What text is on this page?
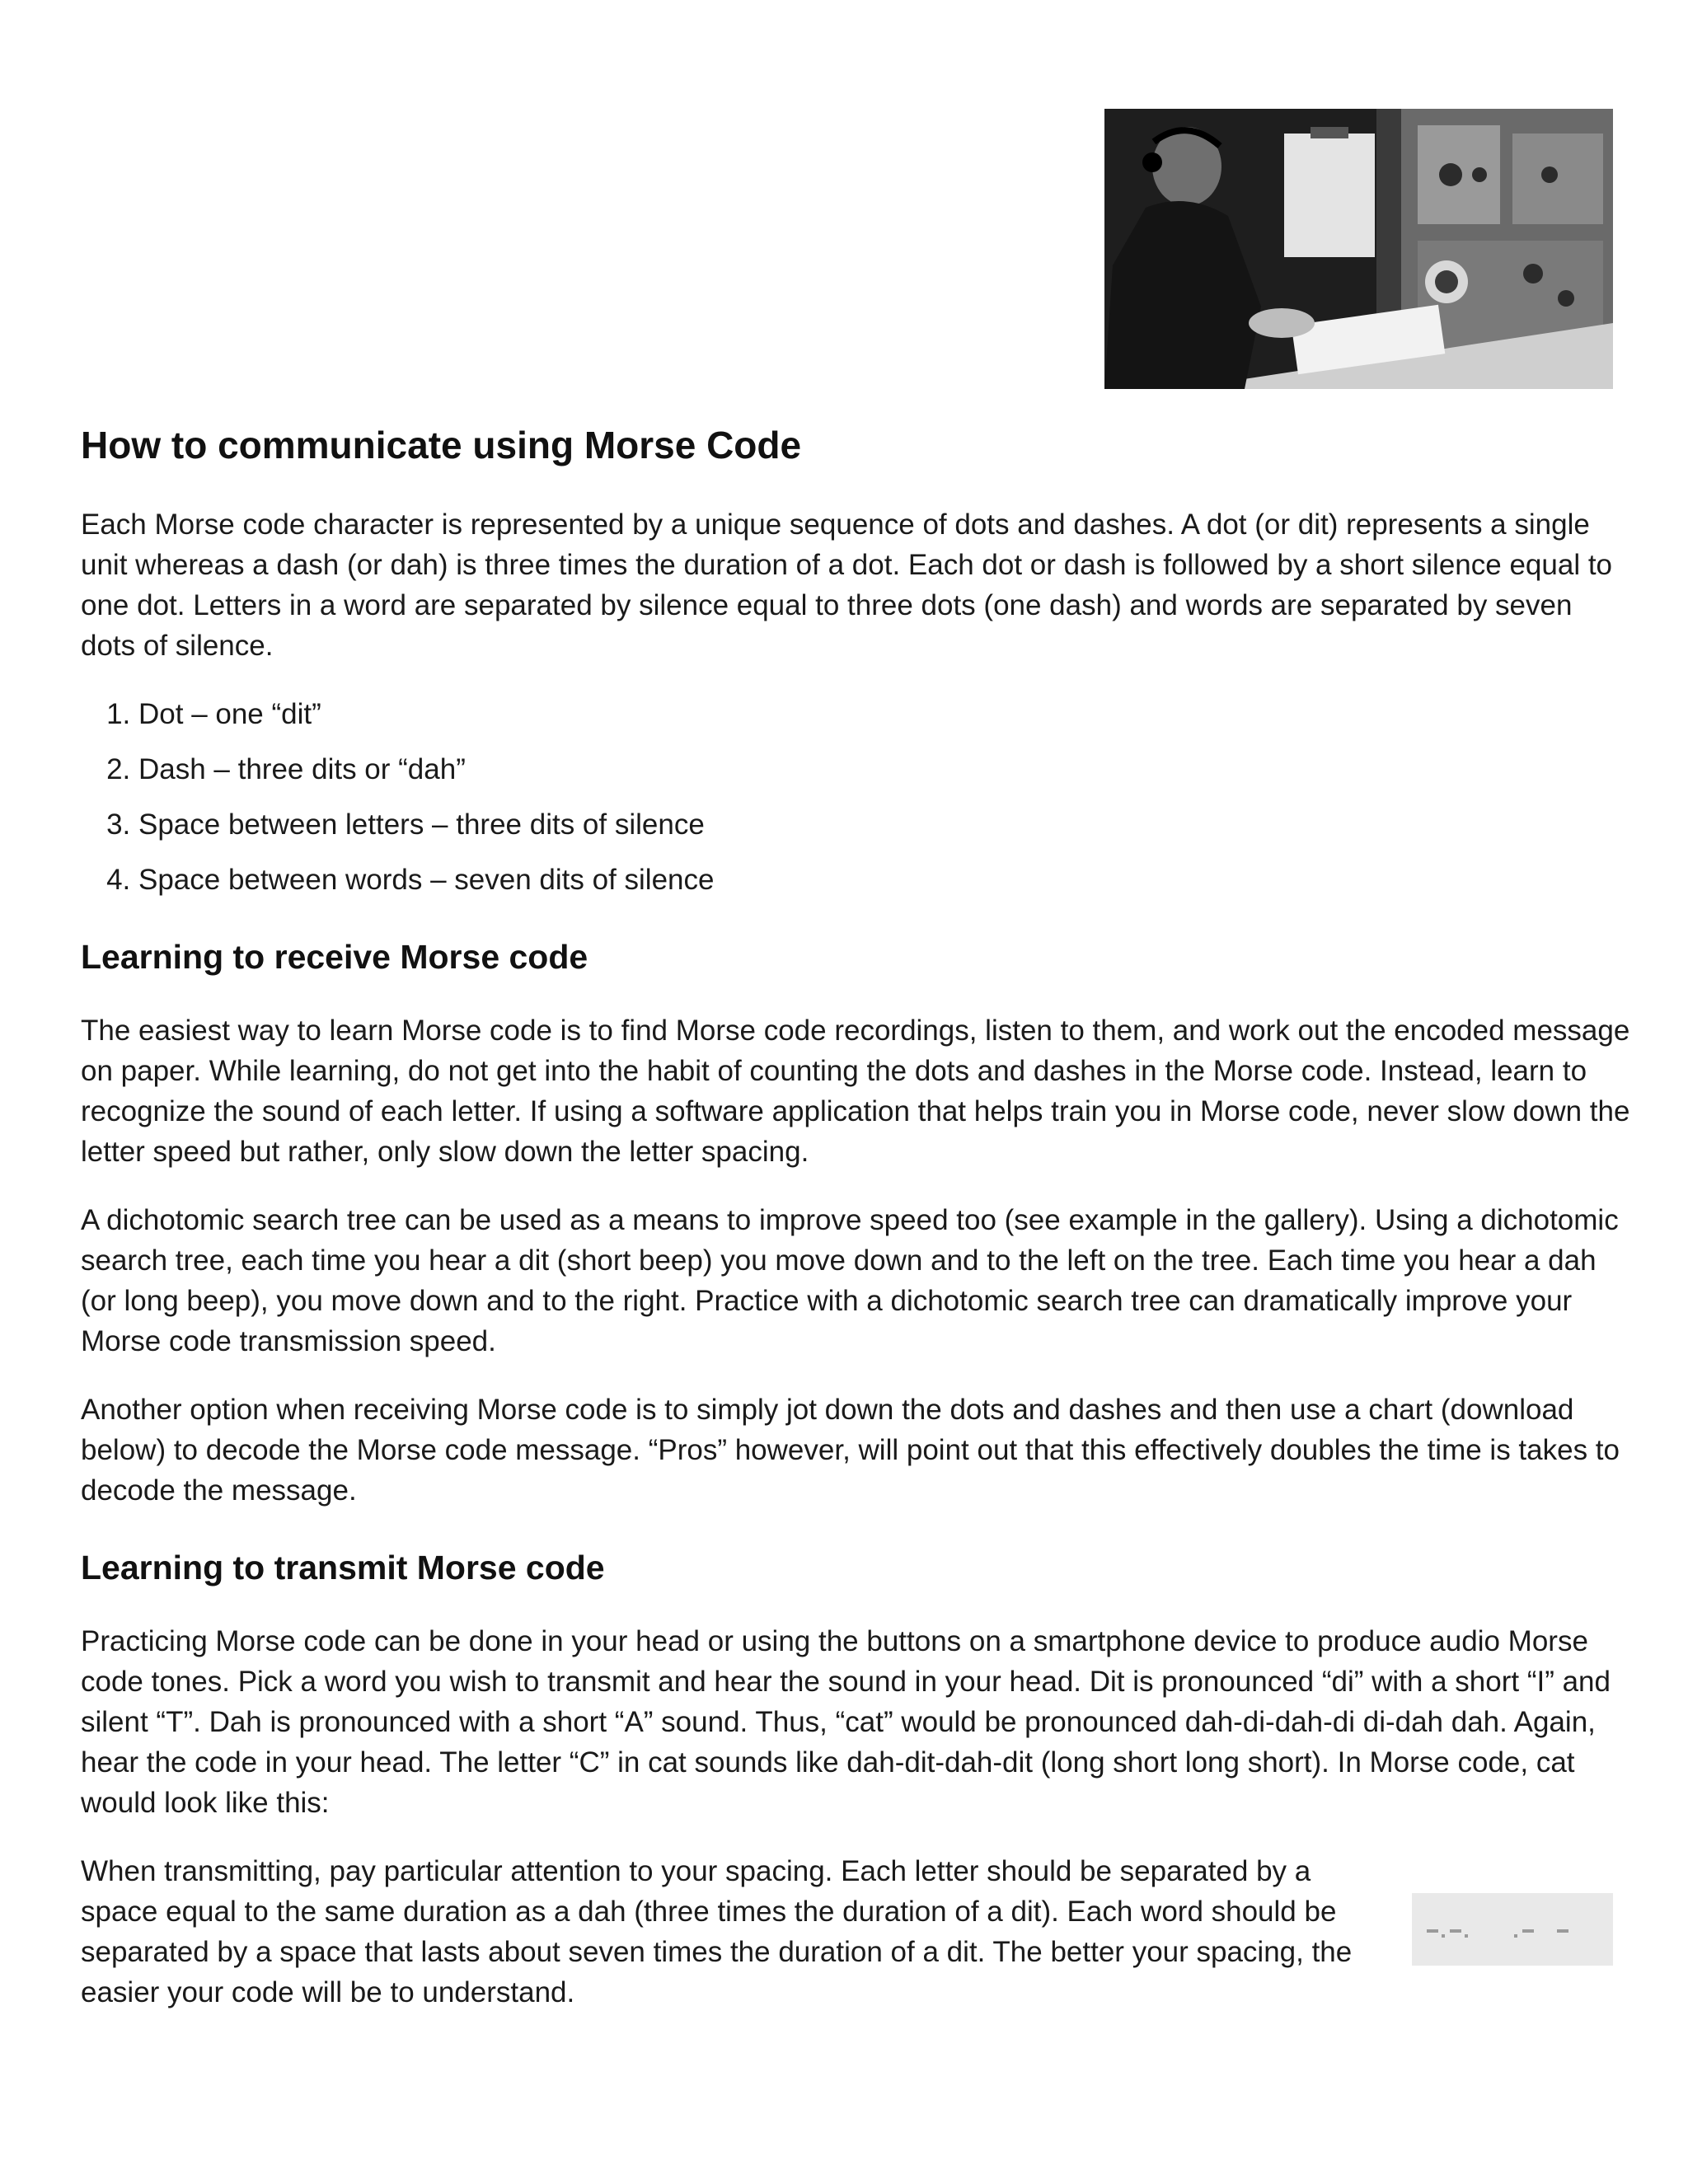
How to communicate using Morse Code

Each Morse code character is represented by a unique sequence of dots and dashes. A dot (or dit) represents a single unit whereas a dash (or dah) is three times the duration of a dot. Each dot or dash is followed by a short silence equal to one dot. Letters in a word are separated by silence equal to three dots (one dash) and words are separated by seven dots of silence.

1. Dot – one “dit”
2. Dash – three dits or “dah”
3. Space between letters – three dits of silence
4. Space between words – seven dits of silence
Learning to receive Morse code

The easiest way to learn Morse code is to find Morse code recordings, listen to them, and work out the encoded message on paper. While learning, do not get into the habit of counting the dots and dashes in the Morse code. Instead, learn to recognize the sound of each letter. If using a software application that helps train you in Morse code, never slow down the letter speed but rather, only slow down the letter spacing.

A dichotomic search tree can be used as a means to improve speed too (see example in the gallery). Using a dichotomic search tree, each time you hear a dit (short beep) you move down and to the left on the tree. Each time you hear a dah (or long beep), you move down and to the right. Practice with a dichotomic search tree can dramatically improve your Morse code transmission speed.

Another option when receiving Morse code is to simply jot down the dots and dashes and then use a chart (download below) to decode the Morse code message. “Pros” however, will point out that this effectively doubles the time is takes to decode the message.

Learning to transmit Morse code

Practicing Morse code can be done in your head or using the buttons on a smartphone device to produce audio Morse code tones. Pick a word you wish to transmit and hear the sound in your head. Dit is pronounced “di” with a short “I” and silent “T”. Dah is pronounced with a short “A” sound. Thus, “cat” would be pronounced dah-di-dah-di di-dah dah. Again, hear the code in your head. The letter “C” in cat sounds like dah-dit-dah-dit (long short long short). In Morse code, cat would look like this:

When transmitting, pay particular attention to your spacing. Each letter should be separated by a space equal to the same duration as a dah (three times the duration of a dit). Each word should be separated by a space that lasts about seven times the duration of a dit. The better your spacing, the easier your code will be to understand.
